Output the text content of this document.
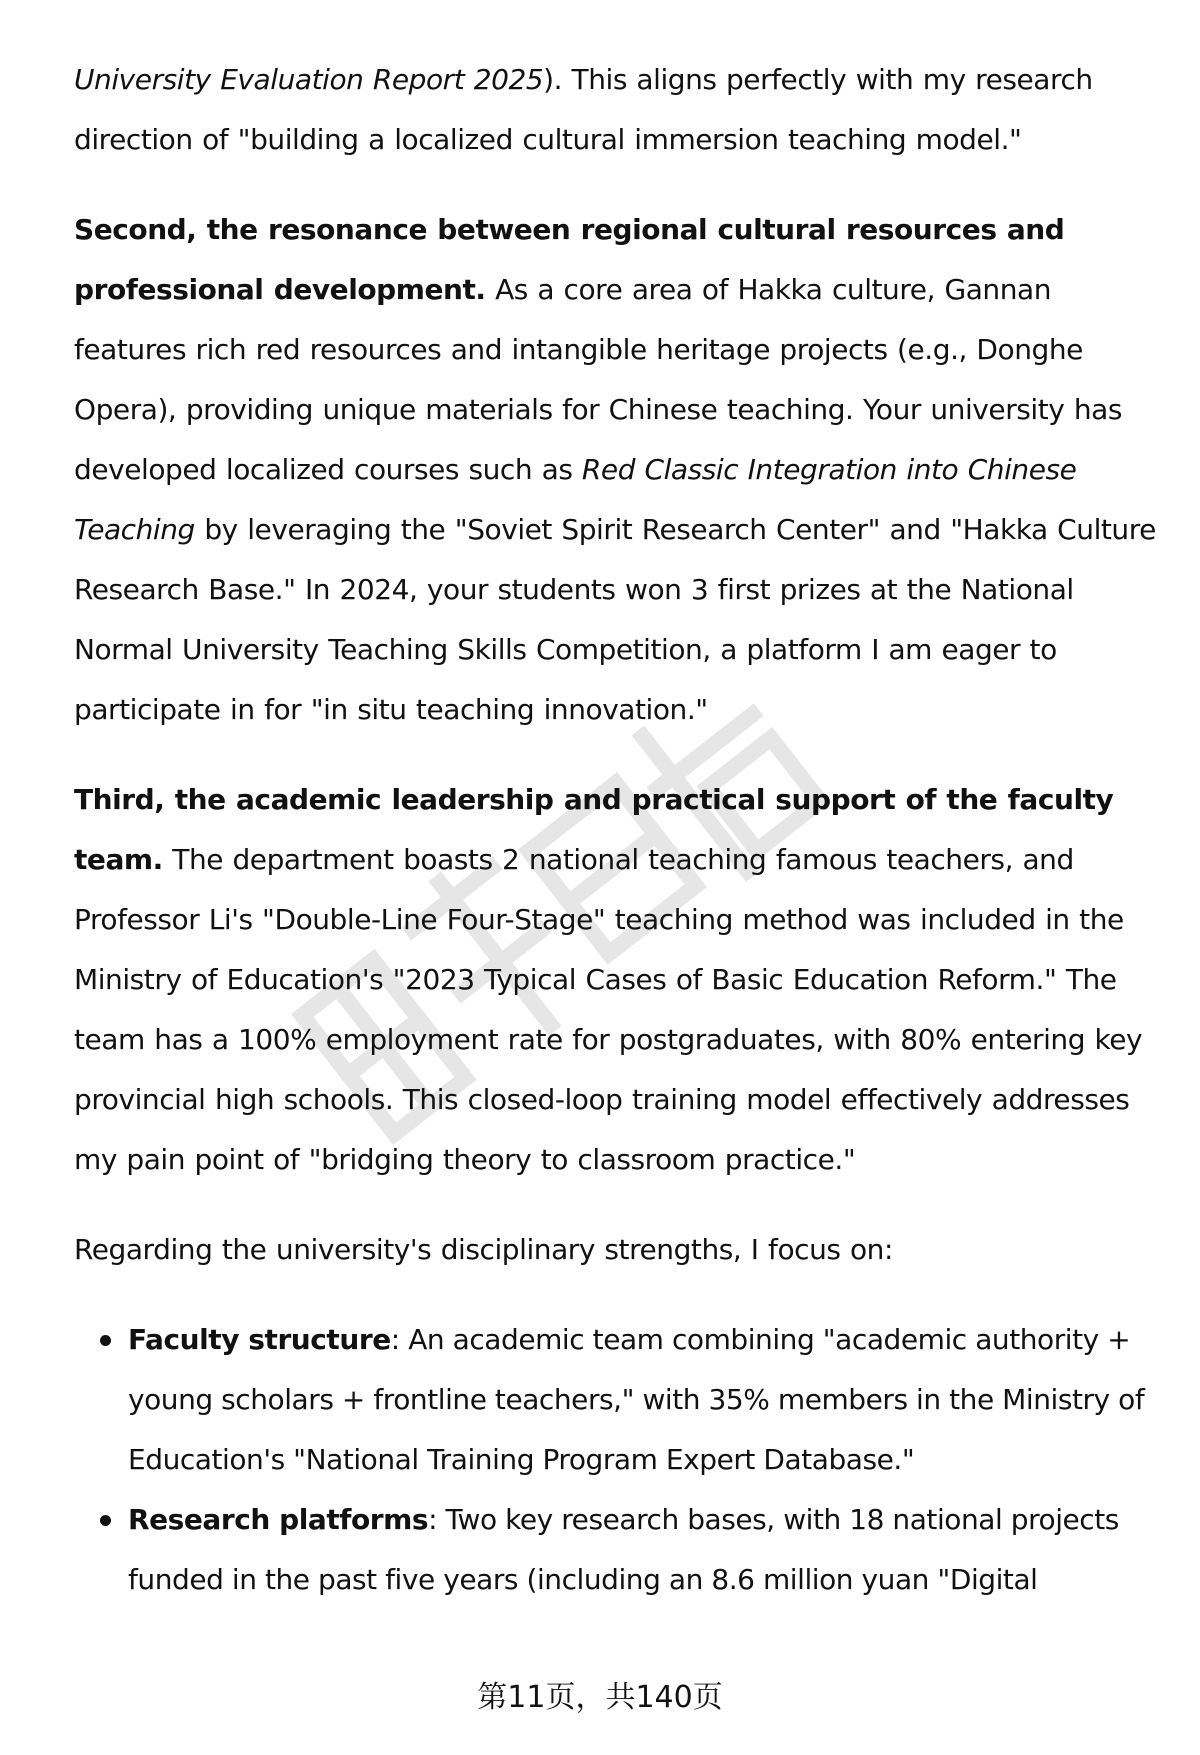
University Evaluation Report 2025). This aligns perfectly with my research direction of "building a localized cultural immersion teaching model."

Second, the resonance between regional cultural resources and professional development. As a core area of Hakka culture, Gannan features rich red resources and intangible heritage projects (e.g., Donghe Opera), providing unique materials for Chinese teaching. Your university has developed localized courses such as Red Classic Integration into Chinese Teaching by leveraging the "Soviet Spirit Research Center" and "Hakka Culture Research Base." In 2024, your students won 3 first prizes at the National Normal University Teaching Skills Competition, a platform I am eager to participate in for "in situ teaching innovation."

Third, the academic leadership and practical support of the faculty team. The department boasts 2 national teaching famous teachers, and Professor Li's "Double-Line Four-Stage" teaching method was included in the Ministry of Education's "2023 Typical Cases of Basic Education Reform." The team has a 100% employment rate for postgraduates, with 80% entering key provincial high schools. This closed-loop training model effectively addresses my pain point of "bridging theory to classroom practice."

Regarding the university's disciplinary strengths, I focus on:

Faculty structure: An academic team combining "academic authority + young scholars + frontline teachers," with 35% members in the Ministry of Education's "National Training Program Expert Database."
Research platforms: Two key research bases, with 18 national projects funded in the past five years (including an 8.6 million yuan "Digital
第11页，共140页
